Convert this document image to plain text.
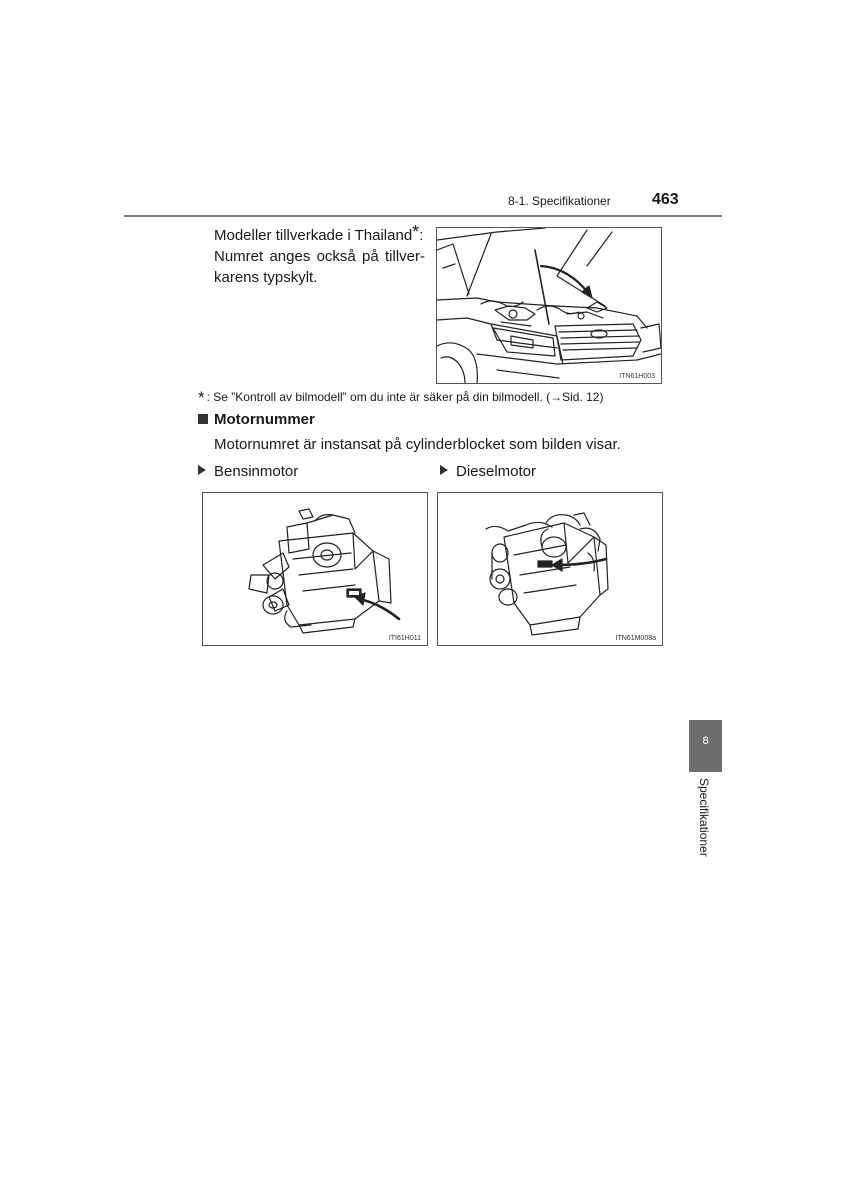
8-1. Specifikationer	463
Modeller tillverkade i Thailand*:
Numret anges också på tillver-
karens typskylt.
ITN61H003
* : Se ”Kontroll av bilmodell” om du inte är säker på din bilmodell. (→Sid. 12)
Motornummer
Motornumret är instansat på cylinderblocket som bilden visar.
Bensinmotor	Dieselmotor
ITI61H011	ITN61M008a
8
Specifikationer
